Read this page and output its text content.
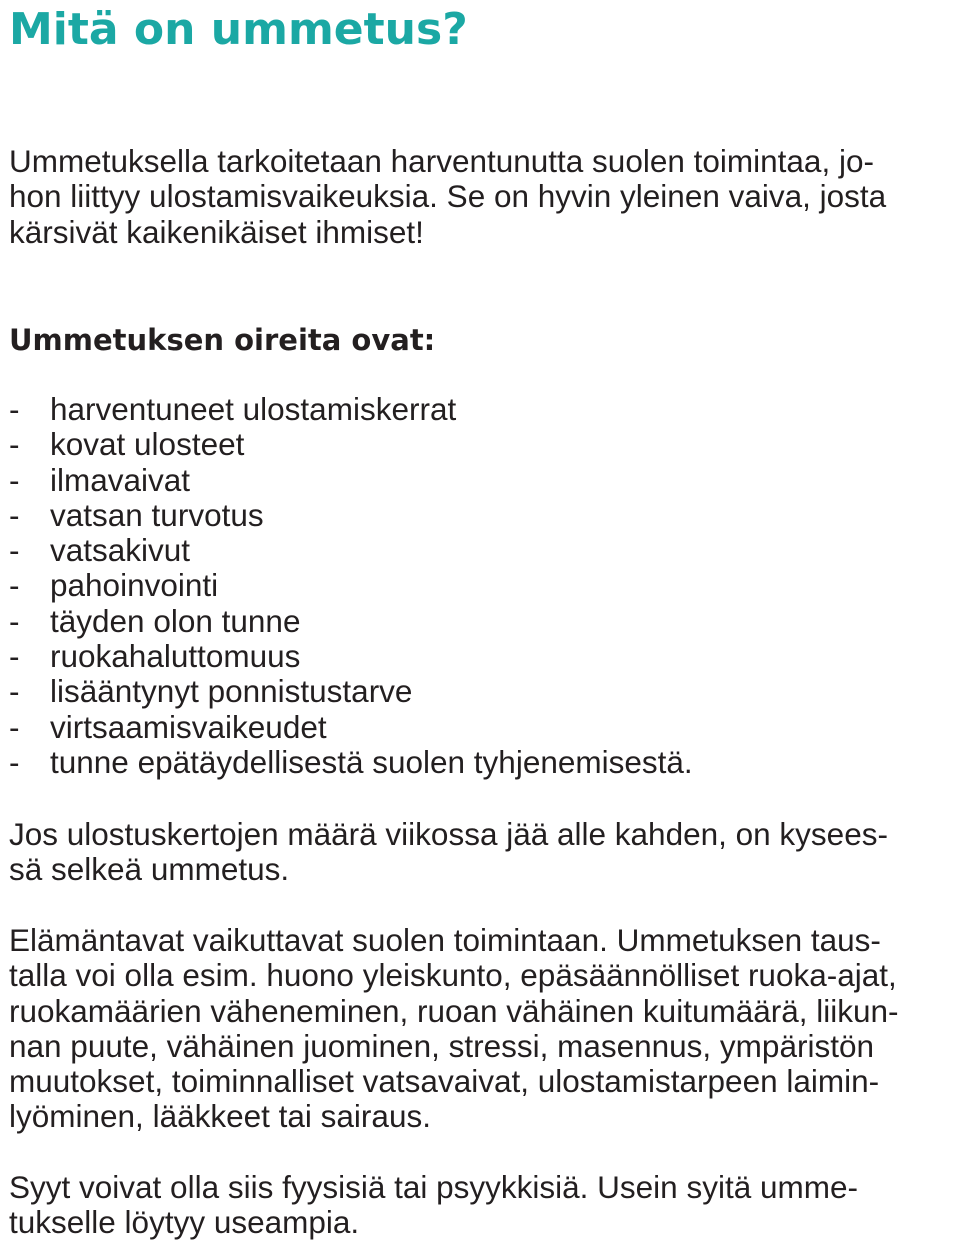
Mitä on ummetus?

Ummetuksella tarkoitetaan harventunutta suolen toimintaa, jo-

hon liittyy ulostamisvaikeuksia. Se on hyvin yleinen vaiva, josta

kärsivät kaikenikäiset ihmiset!

Ummetuksen oireita ovat:
- harventuneet ulostamiskerrat
- kovat ulosteet
- ilmavaivat
- vatsan turvotus
- vatsakivut
- pahoinvointi
- täyden olon tunne
- ruokahaluttomuus
- lisääntynyt ponnistustarve
- virtsaamisvaikeudet
- tunne epätäydellisestä suolen tyhjenemisestä.

Jos ulostuskertojen määrä viikossa jää alle kahden, on kysees-

sä selkeä ummetus.

Elämäntavat vaikuttavat suolen toimintaan. Ummetuksen taus-

talla voi olla esim. huono yleiskunto, epäsäännölliset ruoka-ajat,

ruokamäärien väheneminen, ruoan vähäinen kuitumäärä, liikun-

nan puute, vähäinen juominen, stressi, masennus, ympäristön

muutokset, toiminnalliset vatsavaivat, ulostamistarpeen laimin-

lyöminen, lääkkeet tai sairaus.

Syyt voivat olla siis fyysisiä tai psyykkisiä. Usein syitä umme-

tukselle löytyy useampia.
